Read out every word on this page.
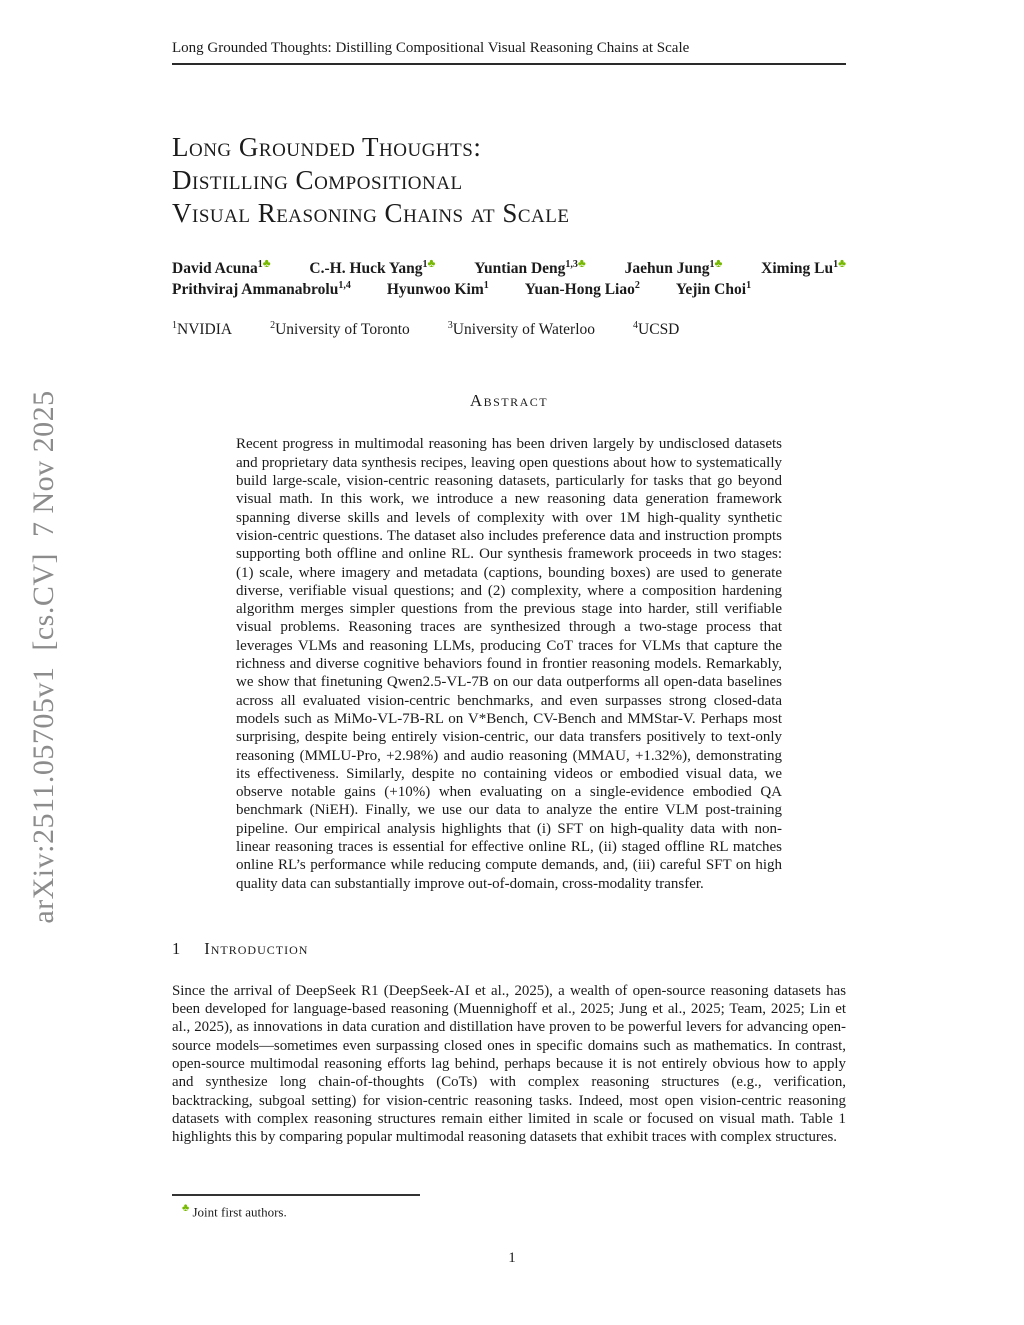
arXiv:2511.05705v1  [cs.CV]  7 Nov 2025
Long Grounded Thoughts: Distilling Compositional Visual Reasoning Chains at Scale
Long Grounded Thoughts:
Distilling Compositional
Visual Reasoning Chains at Scale
David Acuna$^{1♣}$	C.-H. Huck Yang$^{1♣}$	Yuntian Deng$^{1,3♣}$	Jaehun Jung$^{1♣}$	Ximing $Lu^{1♣}$
Prithviraj Ammanabrolu$^{1,4}$ Hyunwoo Kim$^1$ Yuan-Hong Liao$^2$ Yejin Choi$^1$
$^1$NVIDIA	$^2$University of Toronto	$^3$University of Waterloo	$^4$UCSD
Abstract

Recent progress in multimodal reasoning has been driven largely by undisclosed datasets and proprietary data synthesis recipes, leaving open questions about how to systematically build large-scale, vision-centric reasoning datasets, particularly for tasks that go beyond visual math. In this work, we introduce a new reasoning data generation framework spanning diverse skills and levels of complexity with over 1M high-quality synthetic vision-centric questions. The dataset also includes preference data and instruction prompts supporting both offline and online RL. Our synthesis framework proceeds in two stages: (1) scale, where imagery and metadata (captions, bounding boxes) are used to generate diverse, verifiable visual questions; and (2) complexity, where a composition hardening algorithm merges simpler questions from the previous stage into harder, still verifiable visual problems. Reasoning traces are synthesized through a two-stage process that leverages VLMs and reasoning LLMs, producing CoT traces for VLMs that capture the richness and diverse cognitive behaviors found in frontier reasoning models. Remarkably, we show that finetuning Qwen2.5-VL-7B on our data outperforms all open-data baselines across all evaluated vision-centric benchmarks, and even surpasses strong closed-data models such as MiMo-VL-7B-RL on V*Bench, CV-Bench and MMStar-V. Perhaps most surprising, despite being entirely vision-centric, our data transfers positively to text-only reasoning (MMLU-Pro, +2.98%) and audio reasoning (MMAU, +1.32%), demonstrating its effectiveness. Similarly, despite no containing videos or embodied visual data, we observe notable gains (+10%) when evaluating on a single-evidence embodied QA benchmark (NiEH). Finally, we use our data to analyze the entire VLM post-training pipeline. Our empirical analysis highlights that (i) SFT on high-quality data with non-linear reasoning traces is essential for effective online RL, (ii) staged offline RL matches online RL’s performance while reducing compute demands, and, (iii) careful SFT on high quality data can substantially improve out-of-domain, cross-modality transfer.

1 Introduction

Since the arrival of DeepSeek R1 (DeepSeek-AI et al., 2025), a wealth of open-source reasoning datasets has been developed for language-based reasoning (Muennighoff et al., 2025; Jung et al., 2025; Team, 2025; Lin et al., 2025), as innovations in data curation and distillation have proven to be powerful levers for advancing open-source models—sometimes even surpassing closed ones in specific domains such as mathematics. In contrast, open-source multimodal reasoning efforts lag behind, perhaps because it is not entirely obvious how to apply and synthesize long chain-of-thoughts (CoTs) with complex reasoning structures (e.g., verification, backtracking, subgoal setting) for vision-centric reasoning tasks. Indeed, most open vision-centric reasoning datasets with complex reasoning structures remain either limited in scale or focused on visual math. Table 1 highlights this by comparing popular multimodal reasoning datasets that exhibit traces with complex structures.

♣ Joint first authors.
1
